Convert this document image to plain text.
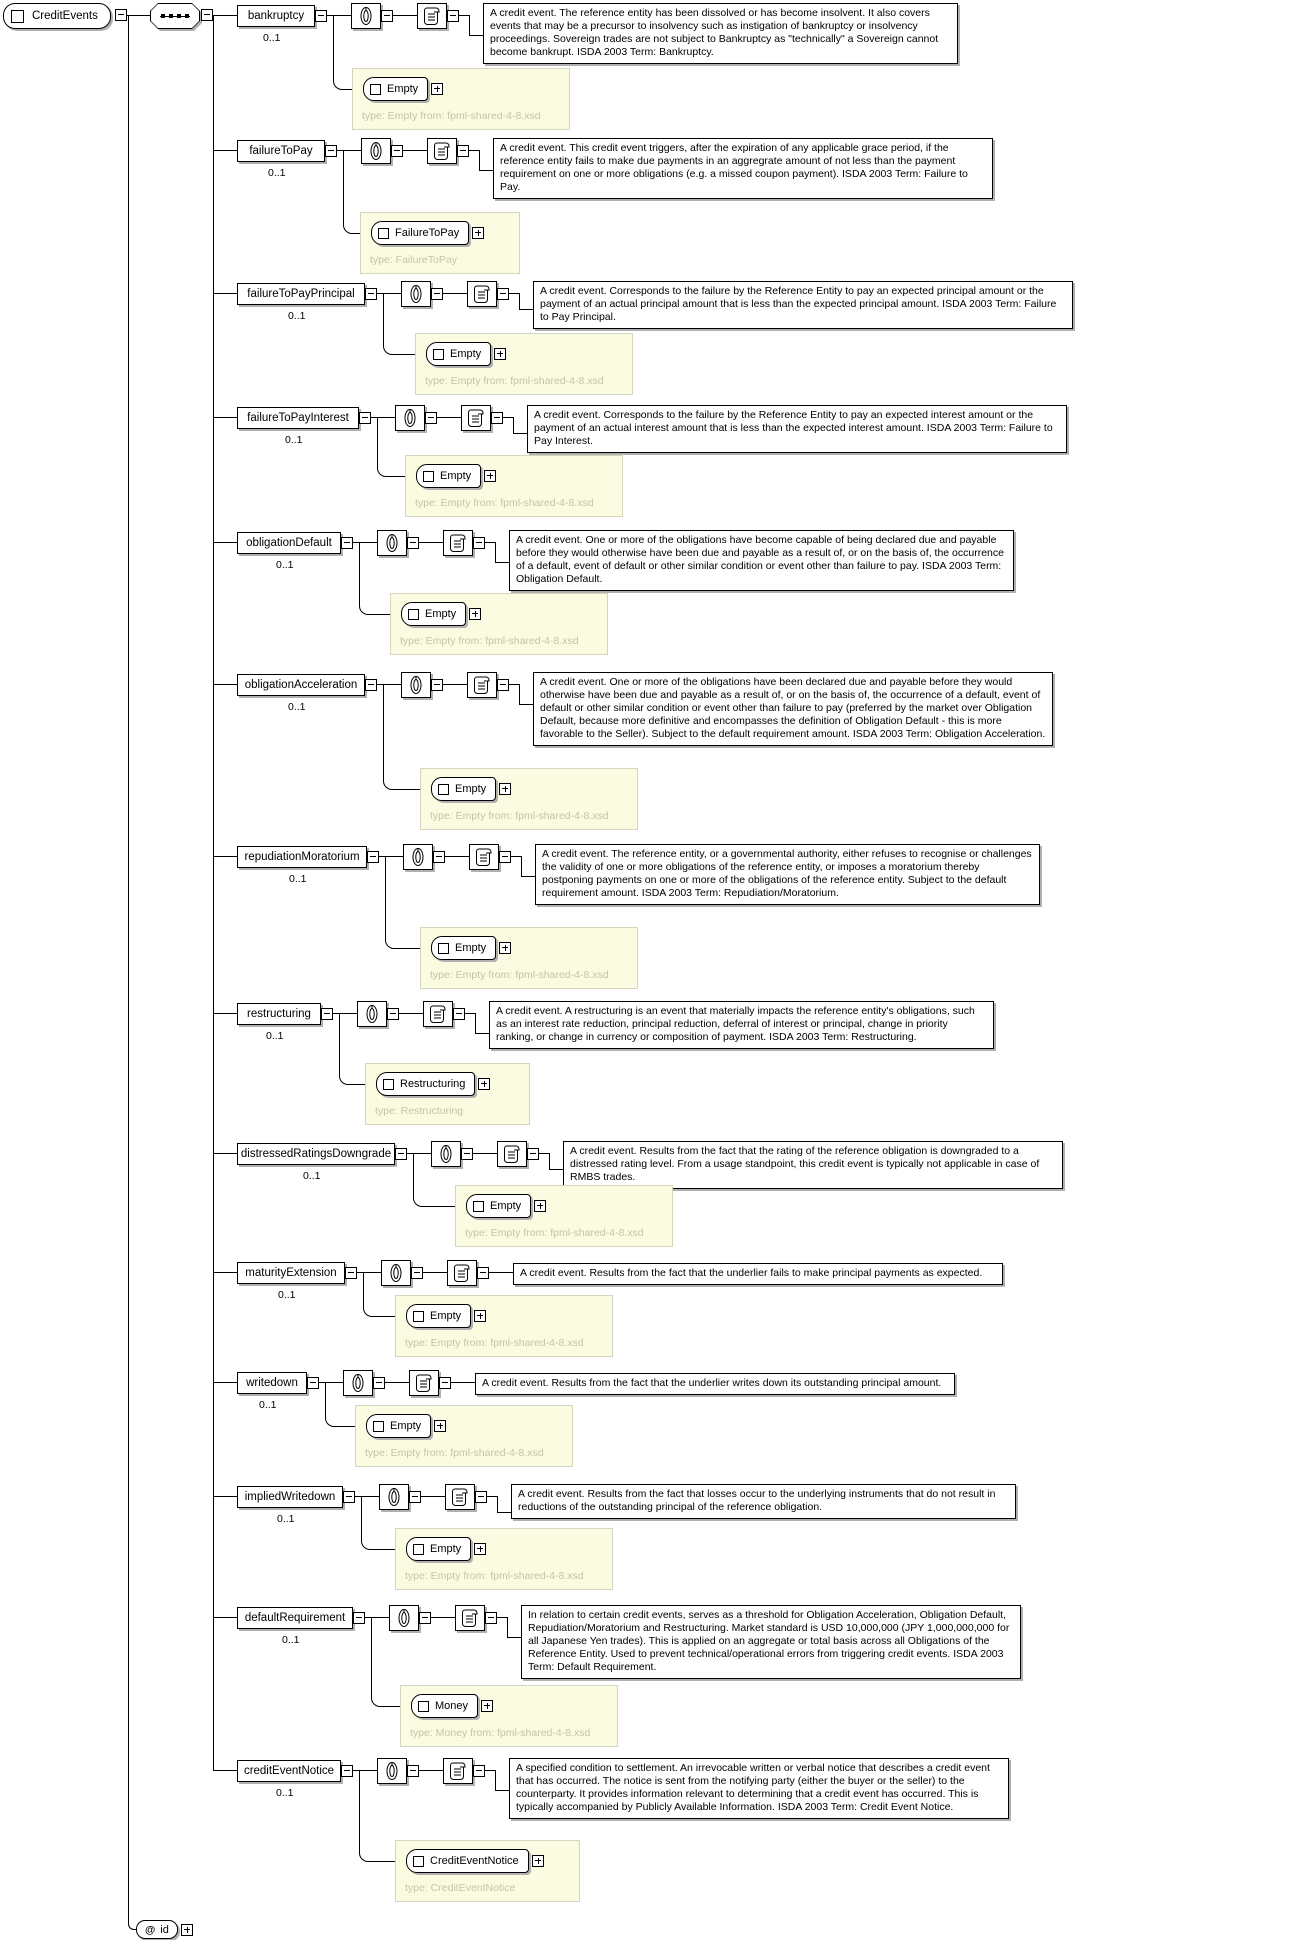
CreditEvents	bankruptcy	A credit event. The reference entity has been dissolved or has become insolvent. It also covers events that may be a precursor to insolvency such as instigation of bankruptcy or insolvency proceedings. Sovereign trades are not subject to Bankruptcy as "technically" a Sovereign cannot become bankrupt. ISDA 2003 Term: Bankruptcy.
0..1
Empty
type: Empty from: fpml-shared-4-8.xsd
failureToPay	A credit event. This credit event triggers, after the expiration of any applicable grace period, if the reference entity fails to make due payments in an aggregrate amount of not less than the payment requirement on one or more obligations (e.g. a missed coupon payment). ISDA 2003 Term: Failure to Pay.
0..1
FailureToPay
type: FailureToPay
failureToPayPrincipal	A credit event. Corresponds to the failure by the Reference Entity to pay an expected principal amount or the payment of an actual principal amount that is less than the expected principal amount. ISDA 2003 Term: Failure to Pay Principal.
0..1
Empty
type: Empty from: fpml-shared-4-8.xsd
failureToPayInterest	A credit event. Corresponds to the failure by the Reference Entity to pay an expected interest amount or the payment of an actual interest amount that is less than the expected interest amount. ISDA 2003 Term: Failure to Pay Interest.
0..1
Empty
type: Empty from: fpml-shared-4-8.xsd
obligationDefault	A credit event. One or more of the obligations have become capable of being declared due and payable before they would otherwise have been due and payable as a result of, or on the basis of, the occurrence of a default, event of default or other similar condition or event other than failure to pay. ISDA 2003 Term: Obligation Default.
0..1
Empty
type: Empty from: fpml-shared-4-8.xsd
obligationAcceleration	A credit event. One or more of the obligations have been declared due and payable before they would otherwise have been due and payable as a result of, or on the basis of, the occurrence of a default, event of default or other similar condition or event other than failure to pay (preferred by the market over Obligation Default, because more definitive and encompasses the definition of Obligation Default - this is more favorable to the Seller). Subject to the default requirement amount. ISDA 2003 Term: Obligation Acceleration.
0..1
Empty
type: Empty from: fpml-shared-4-8.xsd
repudiationMoratorium	A credit event. The reference entity, or a governmental authority, either refuses to recognise or challenges the validity of one or more obligations of the reference entity, or imposes a moratorium thereby postponing payments on one or more of the obligations of the reference entity. Subject to the default requirement amount. ISDA 2003 Term: Repudiation/Moratorium.
0..1
Empty
type: Empty from: fpml-shared-4-8.xsd
restructuring	A credit event. A restructuring is an event that materially impacts the reference entity's obligations, such as an interest rate reduction, principal reduction, deferral of interest or principal, change in priority ranking, or change in currency or composition of payment. ISDA 2003 Term: Restructuring.
0..1
Restructuring
type: Restructuring
distressedRatingsDowngrade	A credit event. Results from the fact that the rating of the reference obligation is downgraded to a distressed rating level. From a usage standpoint, this credit event is typically not applicable in case of RMBS trades.
0..1
Empty
type: Empty from: fpml-shared-4-8.xsd
maturityExtension	A credit event. Results from the fact that the underlier fails to make principal payments as expected.
0..1
Empty
type: Empty from: fpml-shared-4-8.xsd
writedown	A credit event. Results from the fact that the underlier writes down its outstanding principal amount.
0..1
Empty
type: Empty from: fpml-shared-4-8.xsd
impliedWritedown	A credit event. Results from the fact that losses occur to the underlying instruments that do not result in reductions of the outstanding principal of the reference obligation.
0..1
Empty
type: Empty from: fpml-shared-4-8.xsd
defaultRequirement	In relation to certain credit events, serves as a threshold for Obligation Acceleration, Obligation Default, Repudiation/Moratorium and Restructuring. Market standard is USD 10,000,000 (JPY 1,000,000,000 for all Japanese Yen trades). This is applied on an aggregate or total basis across all Obligations of the Reference Entity. Used to prevent technical/operational errors from triggering credit events. ISDA 2003 Term: Default Requirement.
0..1
Money
type: Money from: fpml-shared-4-8.xsd
creditEventNotice	A specified condition to settlement. An irrevocable written or verbal notice that describes a credit event that has occurred. The notice is sent from the notifying party (either the buyer or the seller) to the counterparty. It provides information relevant to determining that a credit event has occurred. This is typically accompanied by Publicly Available Information. ISDA 2003 Term: Credit Event Notice.
0..1
CreditEventNotice
type: CreditEventNotice
@ id
